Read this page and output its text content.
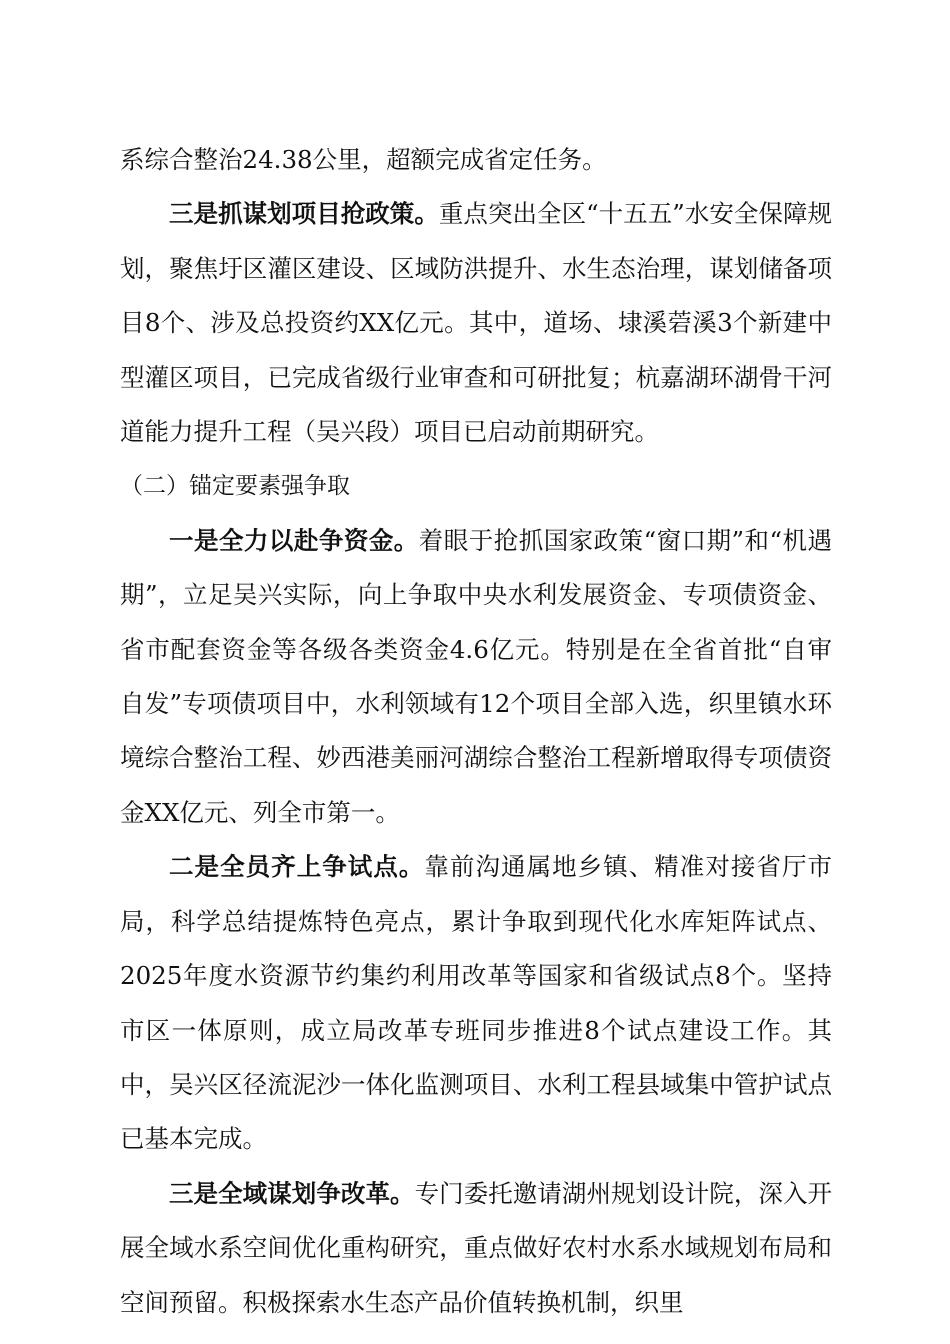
系综合整治24.38公里，超额完成省定任务。

三是抓谋划项目抢政策。重点突出全区“十五五”水安全保障规划，聚焦圩区灌区建设、区域防洪提升、水生态治理，谋划储备项目8个、涉及总投资约XX亿元。其中，道场、埭溪菪溪3个新建中型灌区项目，已完成省级行业审查和可研批复；杭嘉湖环湖骨干河道能力提升工程（吴兴段）项目已启动前期研究。

（二）锚定要素强争取

一是全力以赴争资金。着眼于抢抓国家政策“窗口期”和“机遇期”，立足吴兴实际，向上争取中央水利发展资金、专项债资金、省市配套资金等各级各类资金4.6亿元。特别是在全省首批“自审自发”专项债项目中，水利领域有12个项目全部入选，织里镇水环境综合整治工程、妙西港美丽河湖综合整治工程新增取得专项债资金XX亿元、列全市第一。

二是全员齐上争试点。靠前沟通属地乡镇、精准对接省厅市局，科学总结提炼特色亮点，累计争取到现代化水库矩阵试点、2025年度水资源节约集约利用改革等国家和省级试点8个。坚持市区一体原则，成立局改革专班同步推进8个试点建设工作。其中，吴兴区径流泥沙一体化监测项目、水利工程县域集中管护试点已基本完成。

三是全域谋划争改革。专门委托邀请湖州规划设计院，深入开展全域水系空间优化重构研究，重点做好农村水系水域规划布局和空间预留。积极探索水生态产品价值转换机制，织里
